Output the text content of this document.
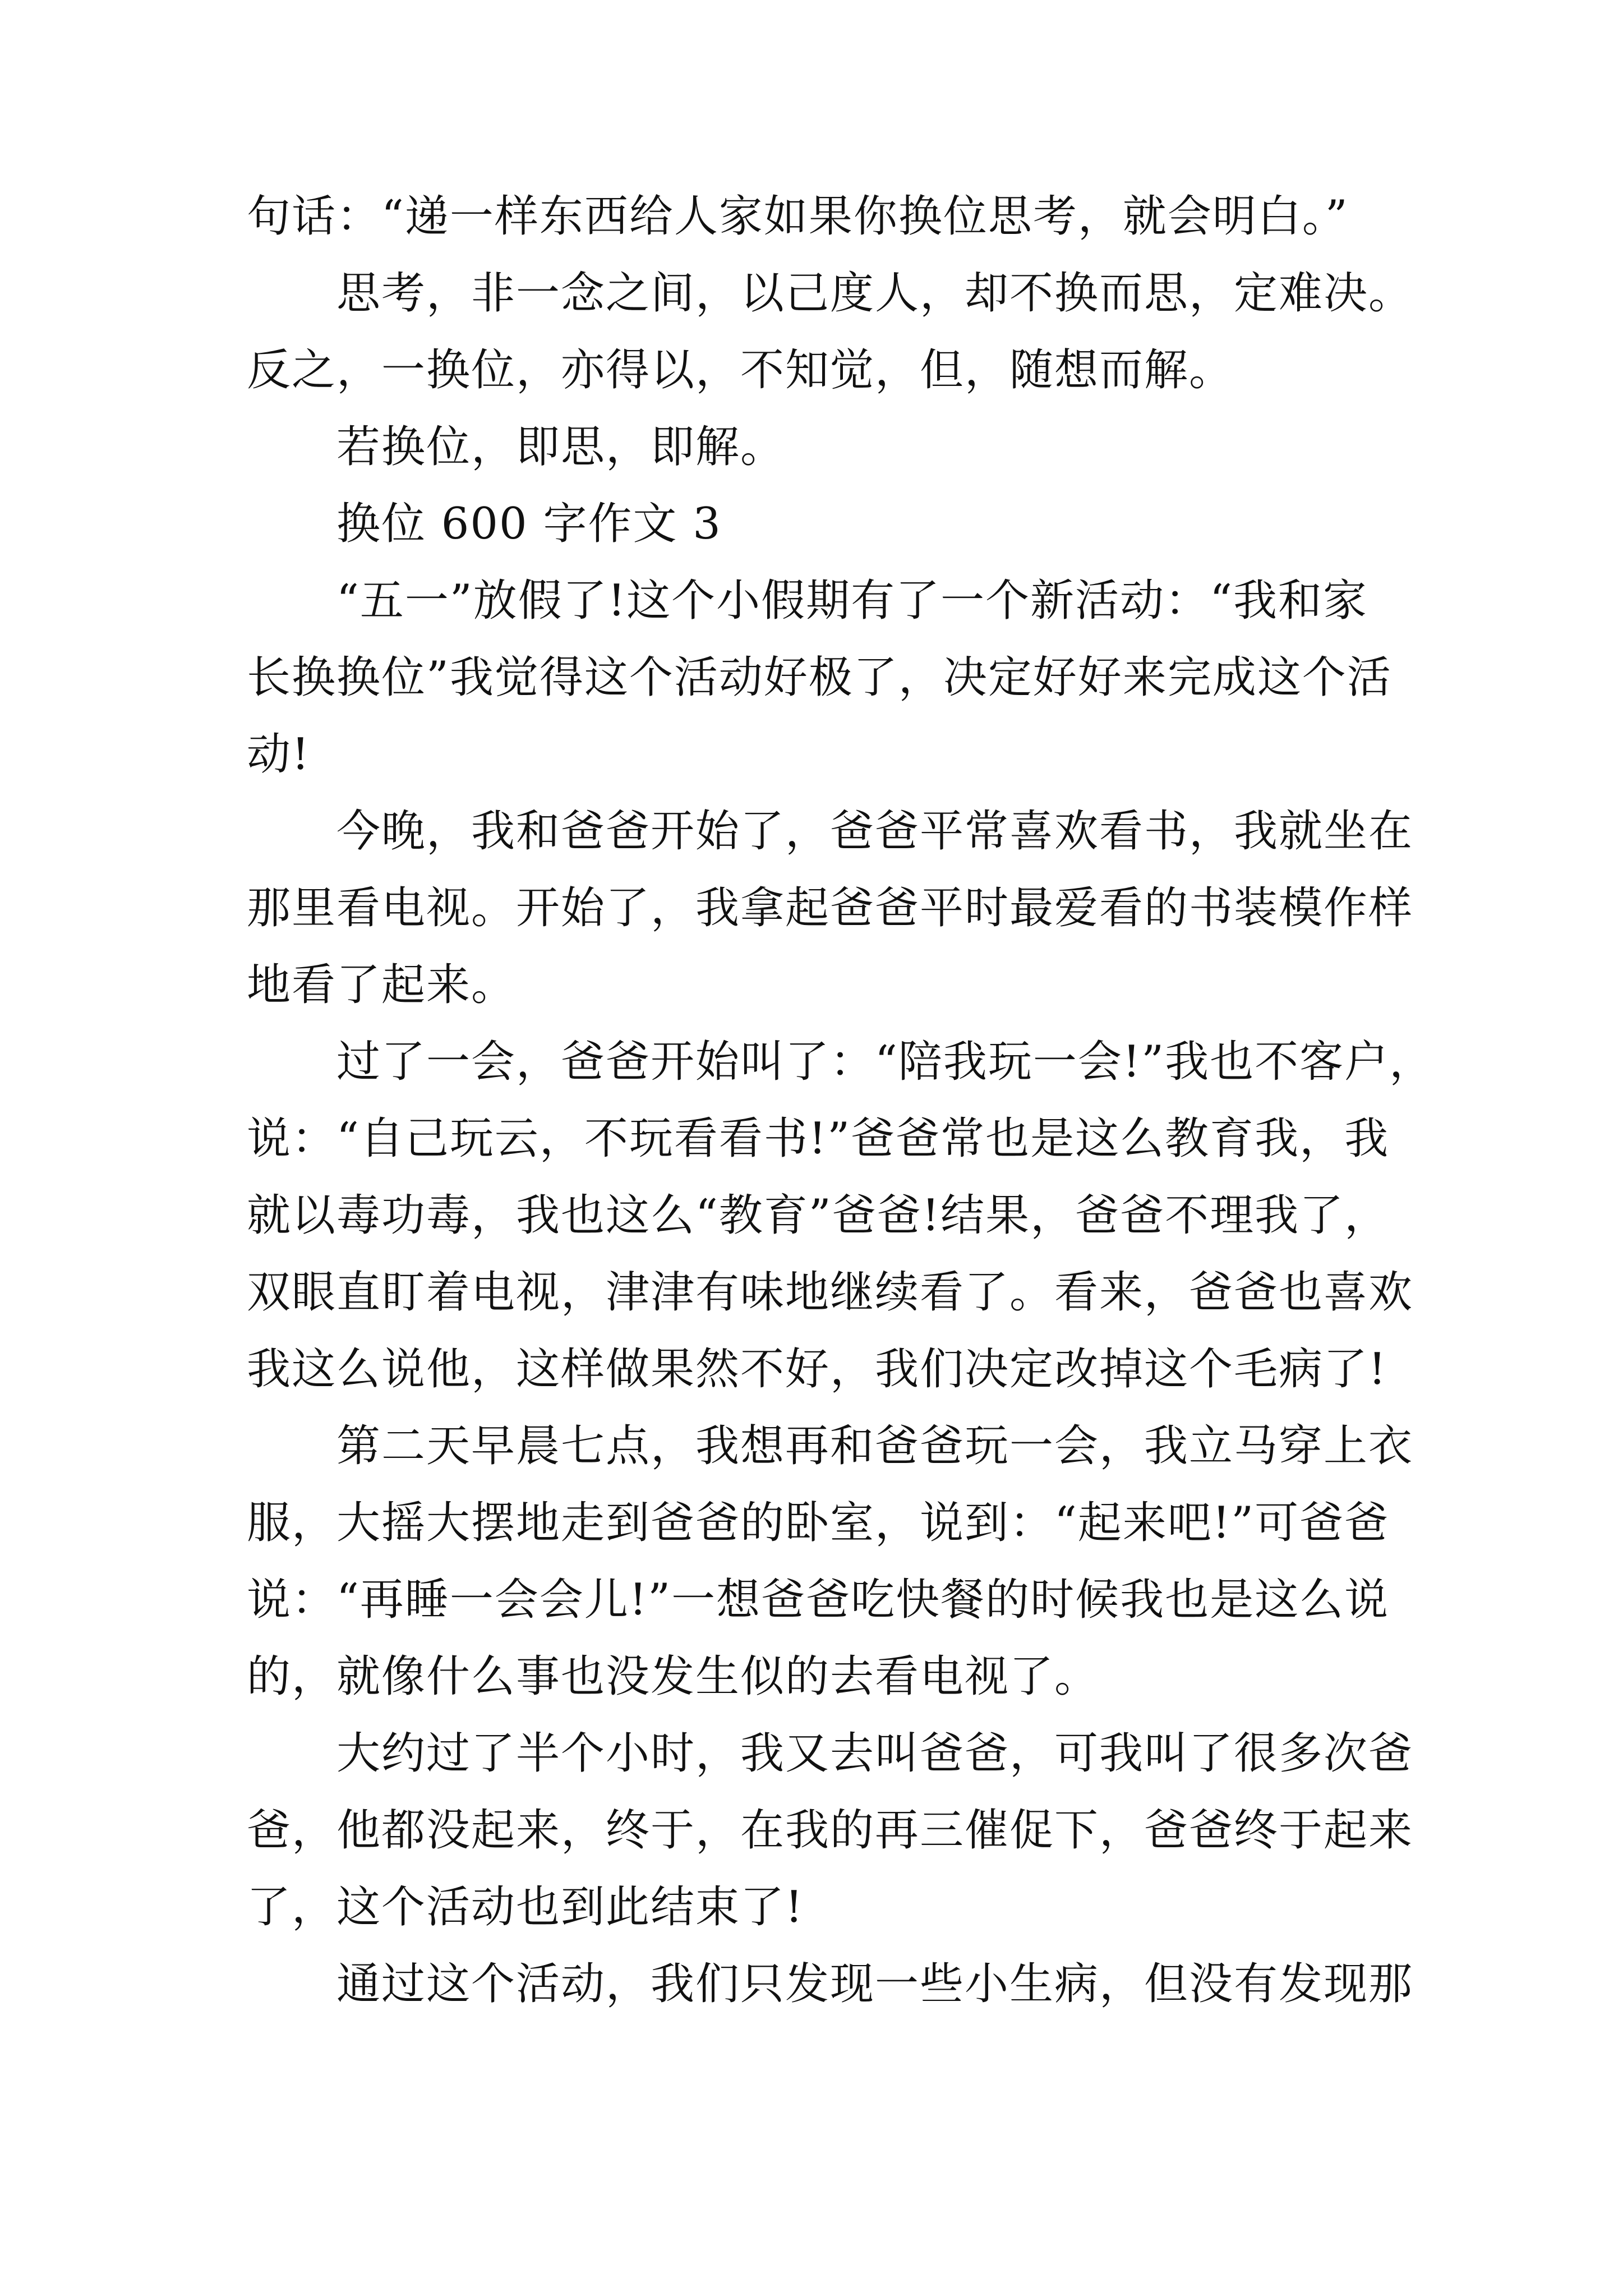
句话：“递一样东西给人家如果你换位思考，就会明白。”
思考，非一念之间，以己度人，却不换而思，定难决。
反之，一换位，亦得以，不知觉，但，随想而解。
若换位，即思，即解。
换位 600 字作文 3
“五一”放假了!这个小假期有了一个新活动：“我和家
长换换位”我觉得这个活动好极了，决定好好来完成这个活
动!
今晚，我和爸爸开始了，爸爸平常喜欢看书，我就坐在
那里看电视。开始了，我拿起爸爸平时最爱看的书装模作样
地看了起来。
过了一会，爸爸开始叫了：“陪我玩一会!”我也不客户，
说：“自己玩云，不玩看看书!”爸爸常也是这么教育我，我
就以毒功毒，我也这么“教育”爸爸!结果，爸爸不理我了，
双眼直盯着电视，津津有味地继续看了。看来，爸爸也喜欢
我这么说他，这样做果然不好，我们决定改掉这个毛病了!
第二天早晨七点，我想再和爸爸玩一会，我立马穿上衣
服，大摇大摆地走到爸爸的卧室，说到：“起来吧!”可爸爸
说：“再睡一会会儿!”一想爸爸吃快餐的时候我也是这么说
的，就像什么事也没发生似的去看电视了。
大约过了半个小时，我又去叫爸爸，可我叫了很多次爸
爸，他都没起来，终于，在我的再三催促下，爸爸终于起来
了，这个活动也到此结束了!
通过这个活动，我们只发现一些小生病，但没有发现那
